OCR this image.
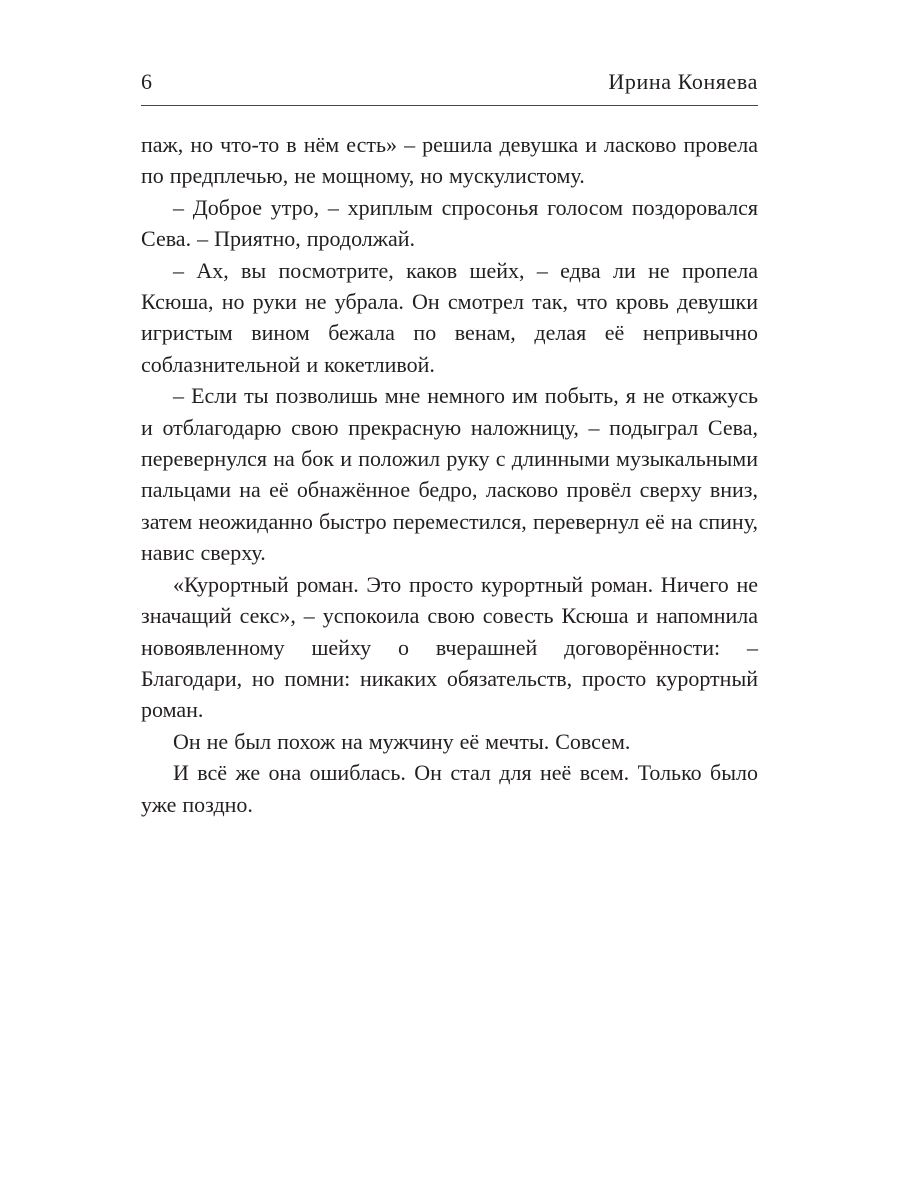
6	Ирина Коняева

паж, но что-то в нём есть» – решила девушка и ласково провела по предплечью, не мощному, но мускулистому.

– Доброе утро, – хриплым спросонья голосом поздоровался Сева. – Приятно, продолжай.

– Ах, вы посмотрите, каков шейх, – едва ли не пропела Ксюша, но руки не убрала. Он смотрел так, что кровь девушки игристым вином бежала по венам, делая её непривычно соблазнительной и кокетливой.

– Если ты позволишь мне немного им побыть, я не откажусь и отблагодарю свою прекрасную наложницу, – подыграл Сева, перевернулся на бок и положил руку с длинными музыкальными пальцами на её обнажённое бедро, ласково провёл сверху вниз, затем неожиданно быстро переместился, перевернул её на спину, навис сверху.

«Курортный роман. Это просто курортный роман. Ничего не значащий секс», – успокоила свою совесть Ксюша и напомнила новоявленному шейху о вчерашней договорённости: – Благодари, но помни: никаких обязательств, просто курортный роман.

Он не был похож на мужчину её мечты. Совсем.

И всё же она ошиблась. Он стал для неё всем. Только было уже поздно.
